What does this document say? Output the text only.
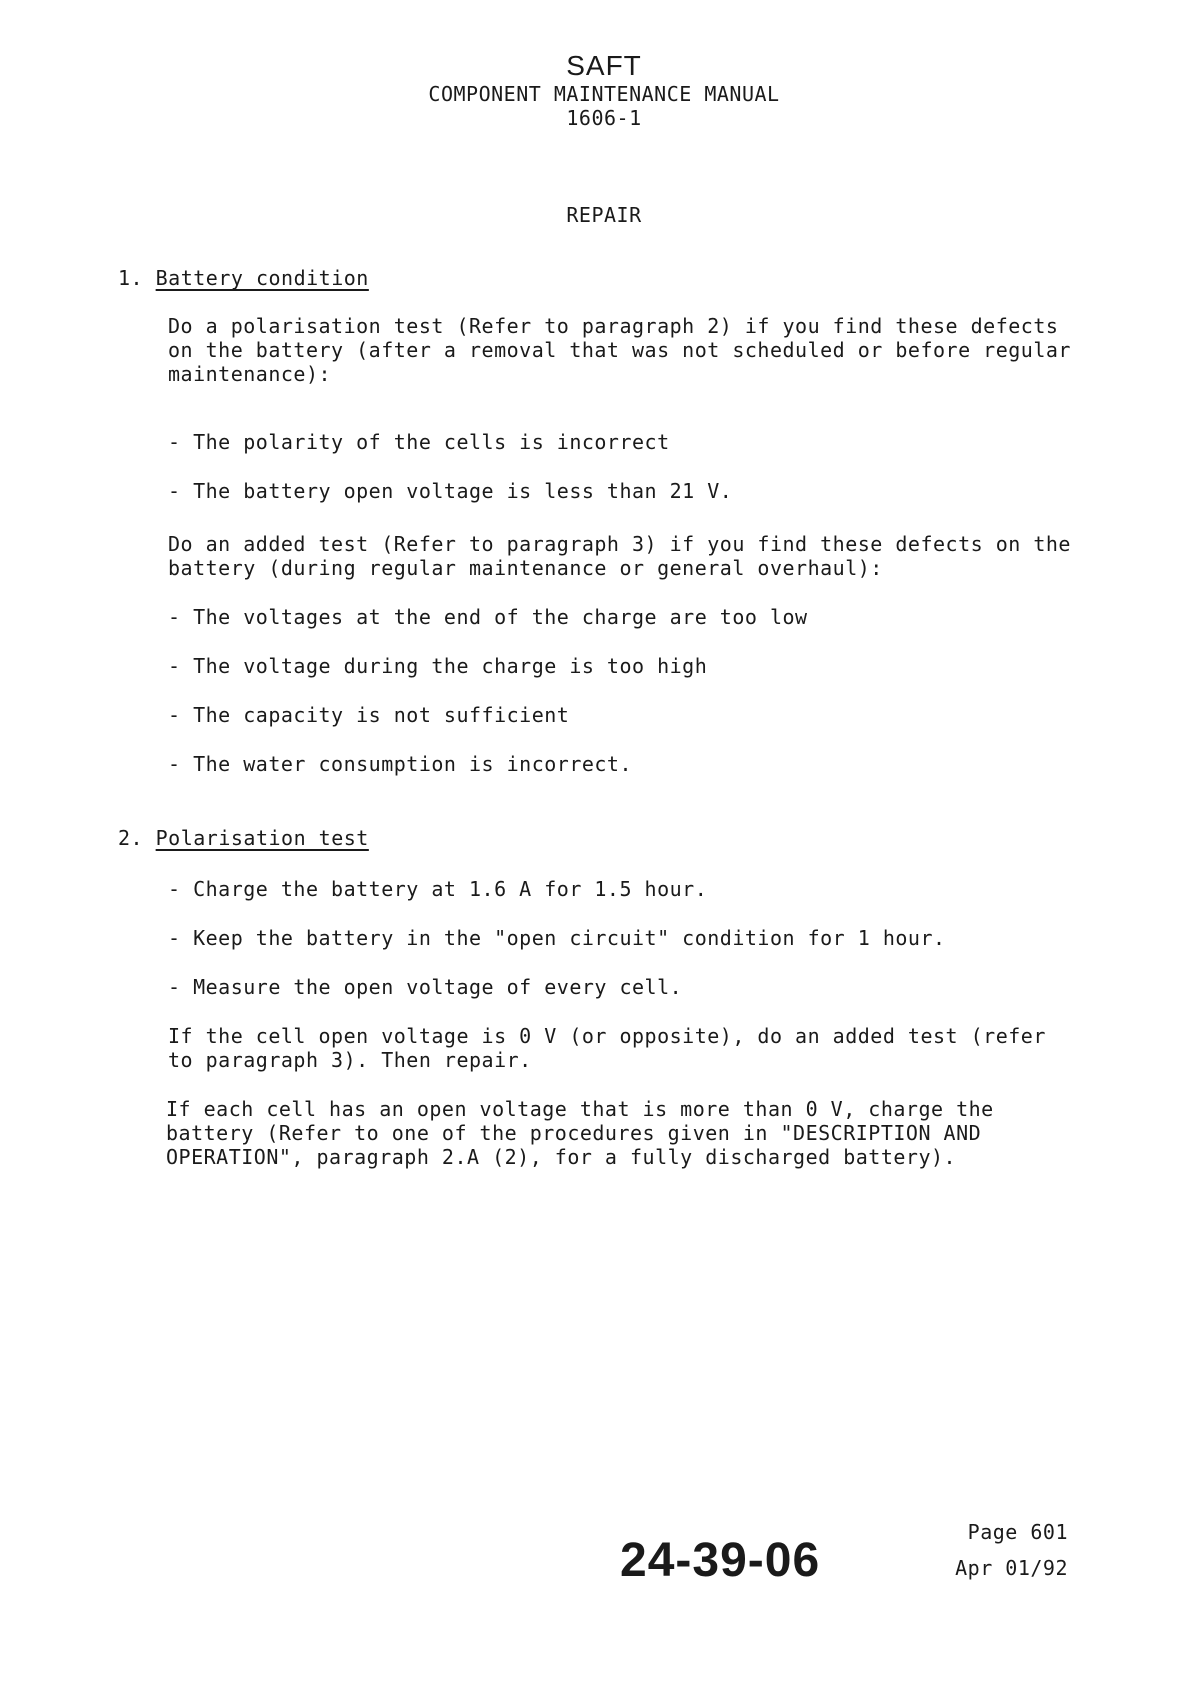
SAFT
COMPONENT MAINTENANCE MANUAL
1606-1
REPAIR
1. Battery condition
Do a polarisation test (Refer to paragraph 2) if you find these defects
on the battery (after a removal that was not scheduled or before regular
maintenance):
- The polarity of the cells is incorrect
- The battery open voltage is less than 21 V.
Do an added test (Refer to paragraph 3) if you find these defects on the
battery (during regular maintenance or general overhaul):
- The voltages at the end of the charge are too low
- The voltage during the charge is too high
- The capacity is not sufficient
- The water consumption is incorrect.
2. Polarisation test
- Charge the battery at 1.6 A for 1.5 hour.
- Keep the battery in the "open circuit" condition for 1 hour.
- Measure the open voltage of every cell.
If the cell open voltage is 0 V (or opposite), do an added test (refer
to paragraph 3). Then repair.
If each cell has an open voltage that is more than 0 V, charge the
battery (Refer to one of the procedures given in "DESCRIPTION AND
OPERATION", paragraph 2.A (2), for a fully discharged battery).
24-39-06
Page 601
Apr 01/92
